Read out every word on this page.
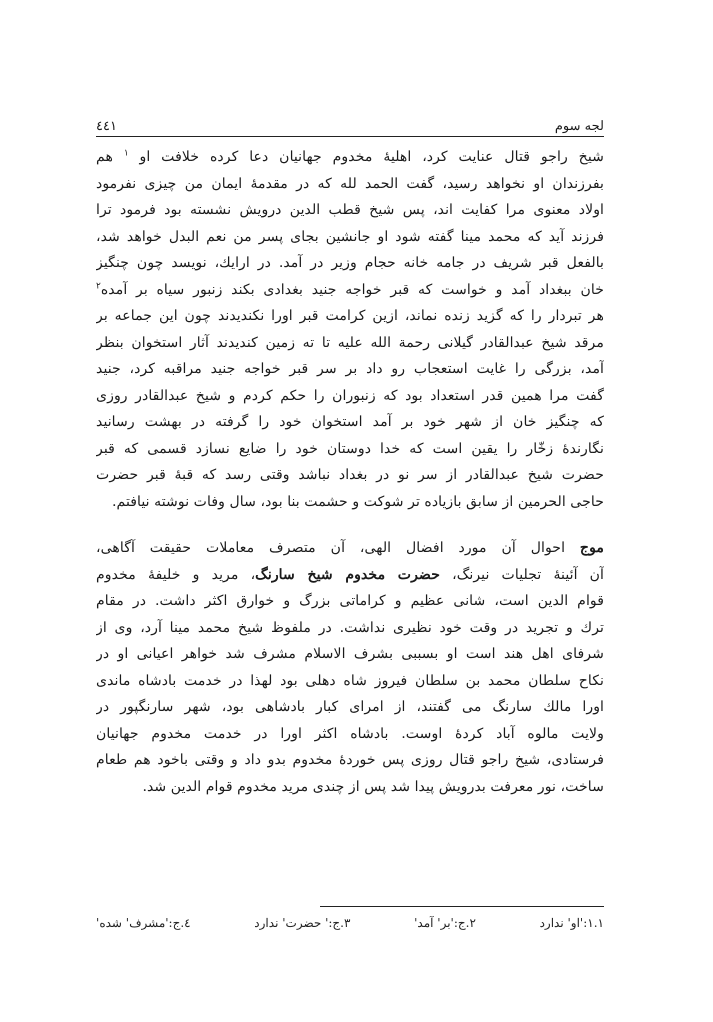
لجه سوم
٤٤١
شیخ راجو قتال عنایت کرد، اهلیهٔ مخدوم جهانیان دعا کرده خلافت او $^١$ هم
بفرزندان او نخواهد رسید، گفت الحمد لله که در مقدمهٔ ایمان من چیزی نفرمود
اولاد معنوی مرا کفایت اند، پس شیخ قطب الدین درویش نشسته بود فرمود ترا
فرزند آید که محمد مینا گفته شود او جانشین بجای پسر من نعم البدل خواهد شد،
بالفعل قبر شریف در جامه خانه حجام وزیر در آمد. در ارایك، نویسد چون چنگیز
خان ببغداد آمد و خواست که قبر خواجه جنید بغدادی بکند زنبور سیاه بر آمده$^٢$
هر تبردار را که گزید زنده نماند، ازین کرامت قبر اورا نکندیدند چون این جماعه بر
مرقد شیخ عبدالقادر گیلانی رحمة الله علیه تا ته زمین کندیدند آثار استخوان بنظر
آمد، بزرگی را غایت استعجاب رو داد بر سر قبر خواجه جنید مراقبه کرد، جنید
گفت مرا همین قدر استعداد بود که زنبوران را حکم کردم و شیخ عبدالقادر روزی
که چنگیز خان از شهر خود بر آمد استخوان خود را گرفته در بهشت رسانید
نگارندهٔ زخّار را یقین است که خدا دوستان خود را ضایع نسازد قسمی که قبر
حضرت شیخ عبدالقادر از سر نو در بغداد نباشد وقتی رسد که قبهٔ قبر حضرت
حاجی الحرمین از سابق بازیاده تر شوکت و حشمت بنا بود، سال وفات نوشته نیافتم.
موج احوال آن مورد افضال الهی، آن متصرف معاملات حقیقت آگاهی،
آن آئینهٔ تجلیات نیرنگ، حضرت مخدوم شیخ سارنگ، مرید و خلیفهٔ مخدوم
قوام الدین است، شانی عظیم و کراماتی بزرگ و خوارق اکثر داشت. در مقام
ترك و تجرید در وقت خود نظیری نداشت. در ملفوظ شیخ محمد مینا آرد، وی از
شرفای اهل هند است او بسببی بشرف الاسلام مشرف شد خواهر اعیانی او در
نکاح سلطان محمد بن سلطان فیروز شاه دهلی بود لهذا در خدمت بادشاه ماندی
اورا مالك سارنگ می گفتند، از امرای کبار بادشاهی بود، شهر سارنگپور در
ولایت مالوه آباد کردهٔ اوست. بادشاه اکثر اورا در خدمت مخدوم جهانیان
فرستادی، شیخ راجو قتال روزی پس خوردهٔ مخدوم بدو داد و وقتی باخود هم طعام
ساخت، نور معرفت بدرویش پیدا شد پس از چندی مرید مخدوم قوام الدین شد.
١.١:'او' ندارد
٢.ج:'بر' آمد'
٣.ج:' حضرت' ندارد
٤.ج:'مشرف' شده'
